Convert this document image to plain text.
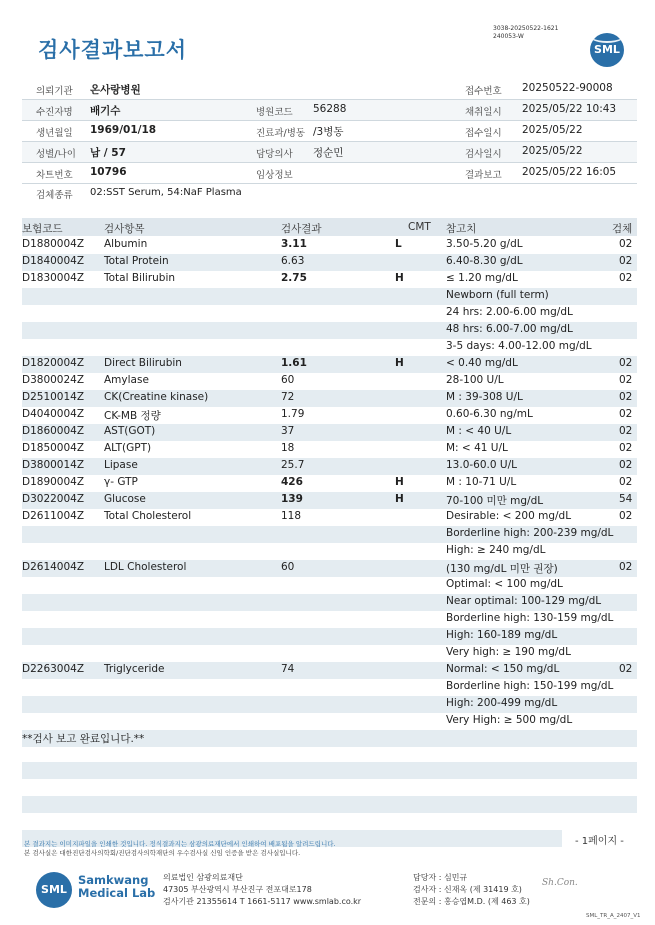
검사결과보고서
3038-20250522-1621
240053-W
SML
의뢰기관 온사랑병원	접수번호 20250522-90008
수진자명 배기수	병원코드 56288	채취일시 2025/05/22 10:43
생년월일 1969/01/18	진료과/병동 /3병동	접수일시 2025/05/22
성별/나이 남 / 57	담당의사 정순민	검사일시 2025/05/22
차트번호 10796	임상정보	결과보고 2025/05/22 16:05
검체종류 02:SST Serum, 54:NaF Plasma
보험코드	검사항목	검사결과	CMT 참고치	검체
D1880004Z Albumin	3.11	L	3.50-5.20 g/dL	02
D1840004Z Total Protein	6.63	6.40-8.30 g/dL	02
D1830004Z Total Bilirubin	2.75	H	≤ 1.20 mg/dL	02
Newborn (full term)
24 hrs: 2.00-6.00 mg/dL
48 hrs: 6.00-7.00 mg/dL
3-5 days: 4.00-12.00 mg/dL
D1820004Z Direct Bilirubin	1.61	H	< 0.40 mg/dL	02
D3800024Z Amylase	60	28-100 U/L	02
D2510014Z CK(Creatine kinase)	72	M : 39-308 U/L	02
D4040004Z CK-MB 정량	1.79	0.60-6.30 ng/mL	02
D1860004Z AST(GOT)	37	M : < 40 U/L	02
D1850004Z ALT(GPT)	18	M: < 41 U/L	02
D3800014Z Lipase	25.7	13.0-60.0 U/L	02
D1890004Z γ- GTP	426	H	M : 10-71 U/L	02
D3022004Z Glucose	139	H	70-100 미만 mg/dL	54
D2611004Z Total Cholesterol	118	Desirable: < 200 mg/dL	02
Borderline high: 200-239 mg/dL
High: ≥ 240 mg/dL
D2614004Z LDL Cholesterol	60	(130 mg/dL 미만 권장)	02
Optimal: < 100 mg/dL
Near optimal: 100-129 mg/dL
Borderline high: 130-159 mg/dL
High: 160-189 mg/dL
Very high: ≥ 190 mg/dL
D2263004Z Triglyceride	74	Normal: < 150 mg/dL	02
Borderline high: 150-199 mg/dL
High: 200-499 mg/dL
Very High: ≥ 500 mg/dL
**검사 보고 완료입니다.**
- 1페이지 -
본 결과지는 이미지파일을 인쇄한 것입니다. 정식결과지는 삼광의료재단에서 인쇄하여 배포됨을 알려드립니다.
본 검사실은 대한진단검사의학회/진단검사의학재단의 우수검사실 신임 인증을 받은 검사실입니다.
SML
Samkwang
Medical Lab
의료법인 삼광의료재단
47305 부산광역시 부산진구 전포대로178
검사기관 21355614 T 1661-5117 www.smlab.co.kr
담당자 : 심민규
검사자 : 신재옥 (제 31419 호)
전문의 : 홍승엽M.D. (제 463 호)
Sh.Con.
SML_TR_A_2407_V1
